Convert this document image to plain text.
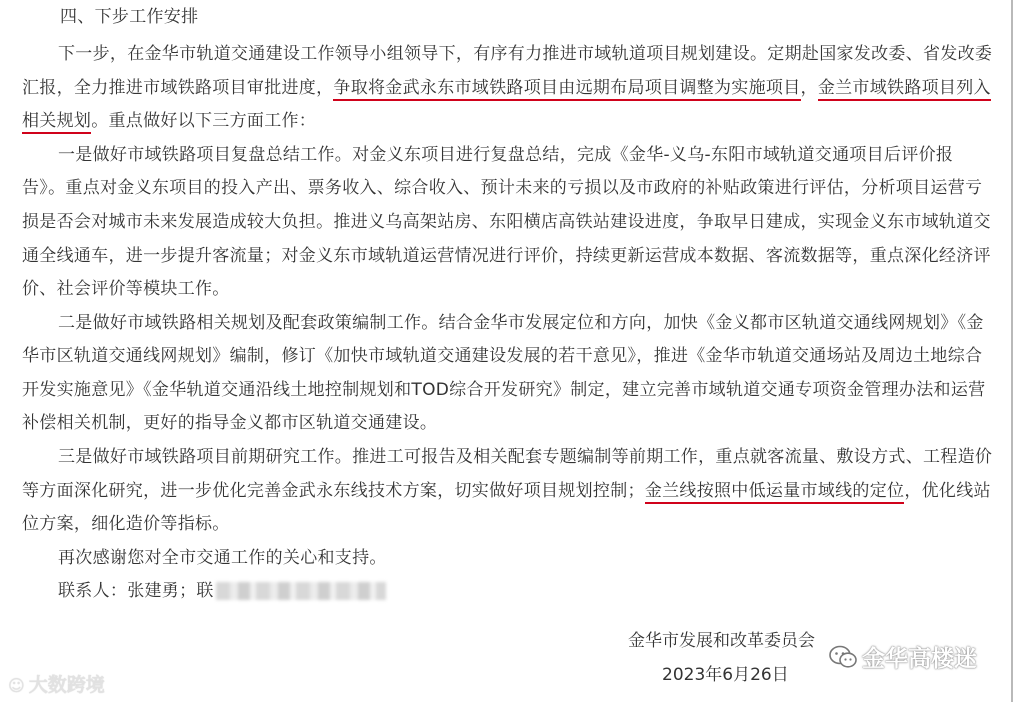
四、下步工作安排
下一步，在金华市轨道交通建设工作领导小组领导下，有序有力推进市域轨道项目规划建设。定期赴国家发改委、省发改委
汇报，全力推进市域铁路项目审批进度，争取将金武永东市域铁路项目由远期布局项目调整为实施项目，金兰市域铁路项目列入
相关规划。重点做好以下三方面工作：
一是做好市域铁路项目复盘总结工作。对金义东项目进行复盘总结，完成《金华-义乌-东阳市域轨道交通项目后评价报
告》。重点对金义东项目的投入产出、票务收入、综合收入、预计未来的亏损以及市政府的补贴政策进行评估，分析项目运营亏
损是否会对城市未来发展造成较大负担。推进义乌高架站房、东阳横店高铁站建设进度，争取早日建成，实现金义东市域轨道交
通全线通车，进一步提升客流量；对金义东市域轨道运营情况进行评价，持续更新运营成本数据、客流数据等，重点深化经济评
价、社会评价等模块工作。
二是做好市域铁路相关规划及配套政策编制工作。结合金华市发展定位和方向，加快《金义都市区轨道交通线网规划》《金
华市区轨道交通线网规划》编制，修订《加快市域轨道交通建设发展的若干意见》，推进《金华市轨道交通场站及周边土地综合
开发实施意见》《金华轨道交通沿线土地控制规划和TOD综合开发研究》制定，建立完善市域轨道交通专项资金管理办法和运营
补偿相关机制，更好的指导金义都市区轨道交通建设。
三是做好市域铁路项目前期研究工作。推进工可报告及相关配套专题编制等前期工作，重点就客流量、敷设方式、工程造价
等方面深化研究，进一步优化完善金武永东线技术方案，切实做好项目规划控制；金兰线按照中低运量市域线的定位，优化线站
位方案，细化造价等指标。
再次感谢您对全市交通工作的关心和支持。
联系人：张建勇；联
金华市发展和改革委员会
2023年6月26日
☺ 大数跨境
金华高楼迷
